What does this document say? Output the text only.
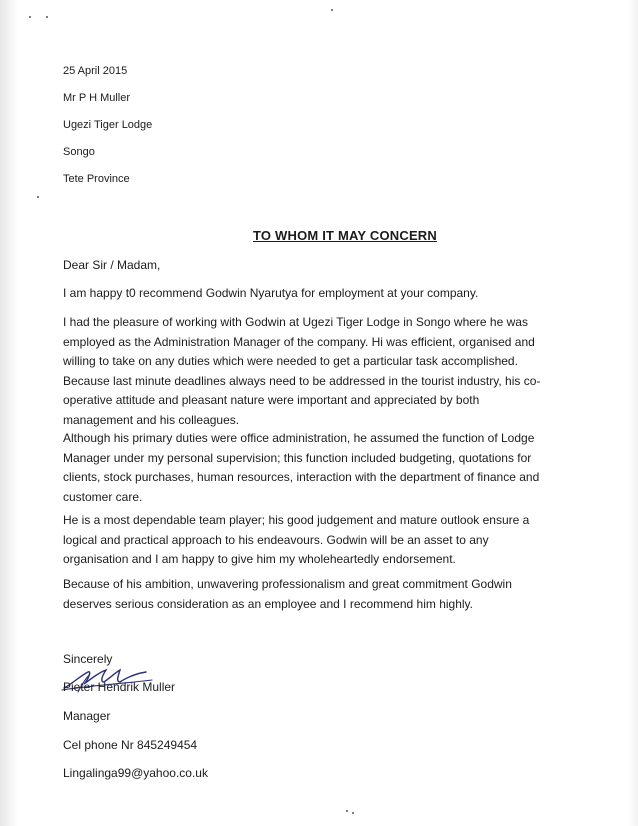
25 April 2015
Mr P H Muller
Ugezi Tiger Lodge
Songo
Tete Province
TO WHOM IT MAY CONCERN
Dear Sir / Madam,
I am happy t0 recommend Godwin Nyarutya for employment at your company.
I had the pleasure of working with Godwin at Ugezi Tiger Lodge in Songo where he was
employed as the Administration Manager of the company. Hi was efficient, organised and
willing to take on any duties which were needed to get a particular task accomplished.
Because last minute deadlines always need to be addressed in the tourist industry, his co-
operative attitude and pleasant nature were important and appreciated by both
management and his colleagues.
Although his primary duties were office administration, he assumed the function of Lodge
Manager under my personal supervision; this function included budgeting, quotations for
clients, stock purchases, human resources, interaction with the department of finance and
customer care.
He is a most dependable team player; his good judgement and mature outlook ensure a
logical and practical approach to his endeavours. Godwin will be an asset to any
organisation and I am happy to give him my wholeheartedly endorsement.
Because of his ambition, unwavering professionalism and great commitment Godwin
deserves serious consideration as an employee and I recommend him highly.
Sincerely
Pieter Hendrik Muller
Manager
Cel phone Nr 845249454
Lingalinga99@yahoo.co.uk
